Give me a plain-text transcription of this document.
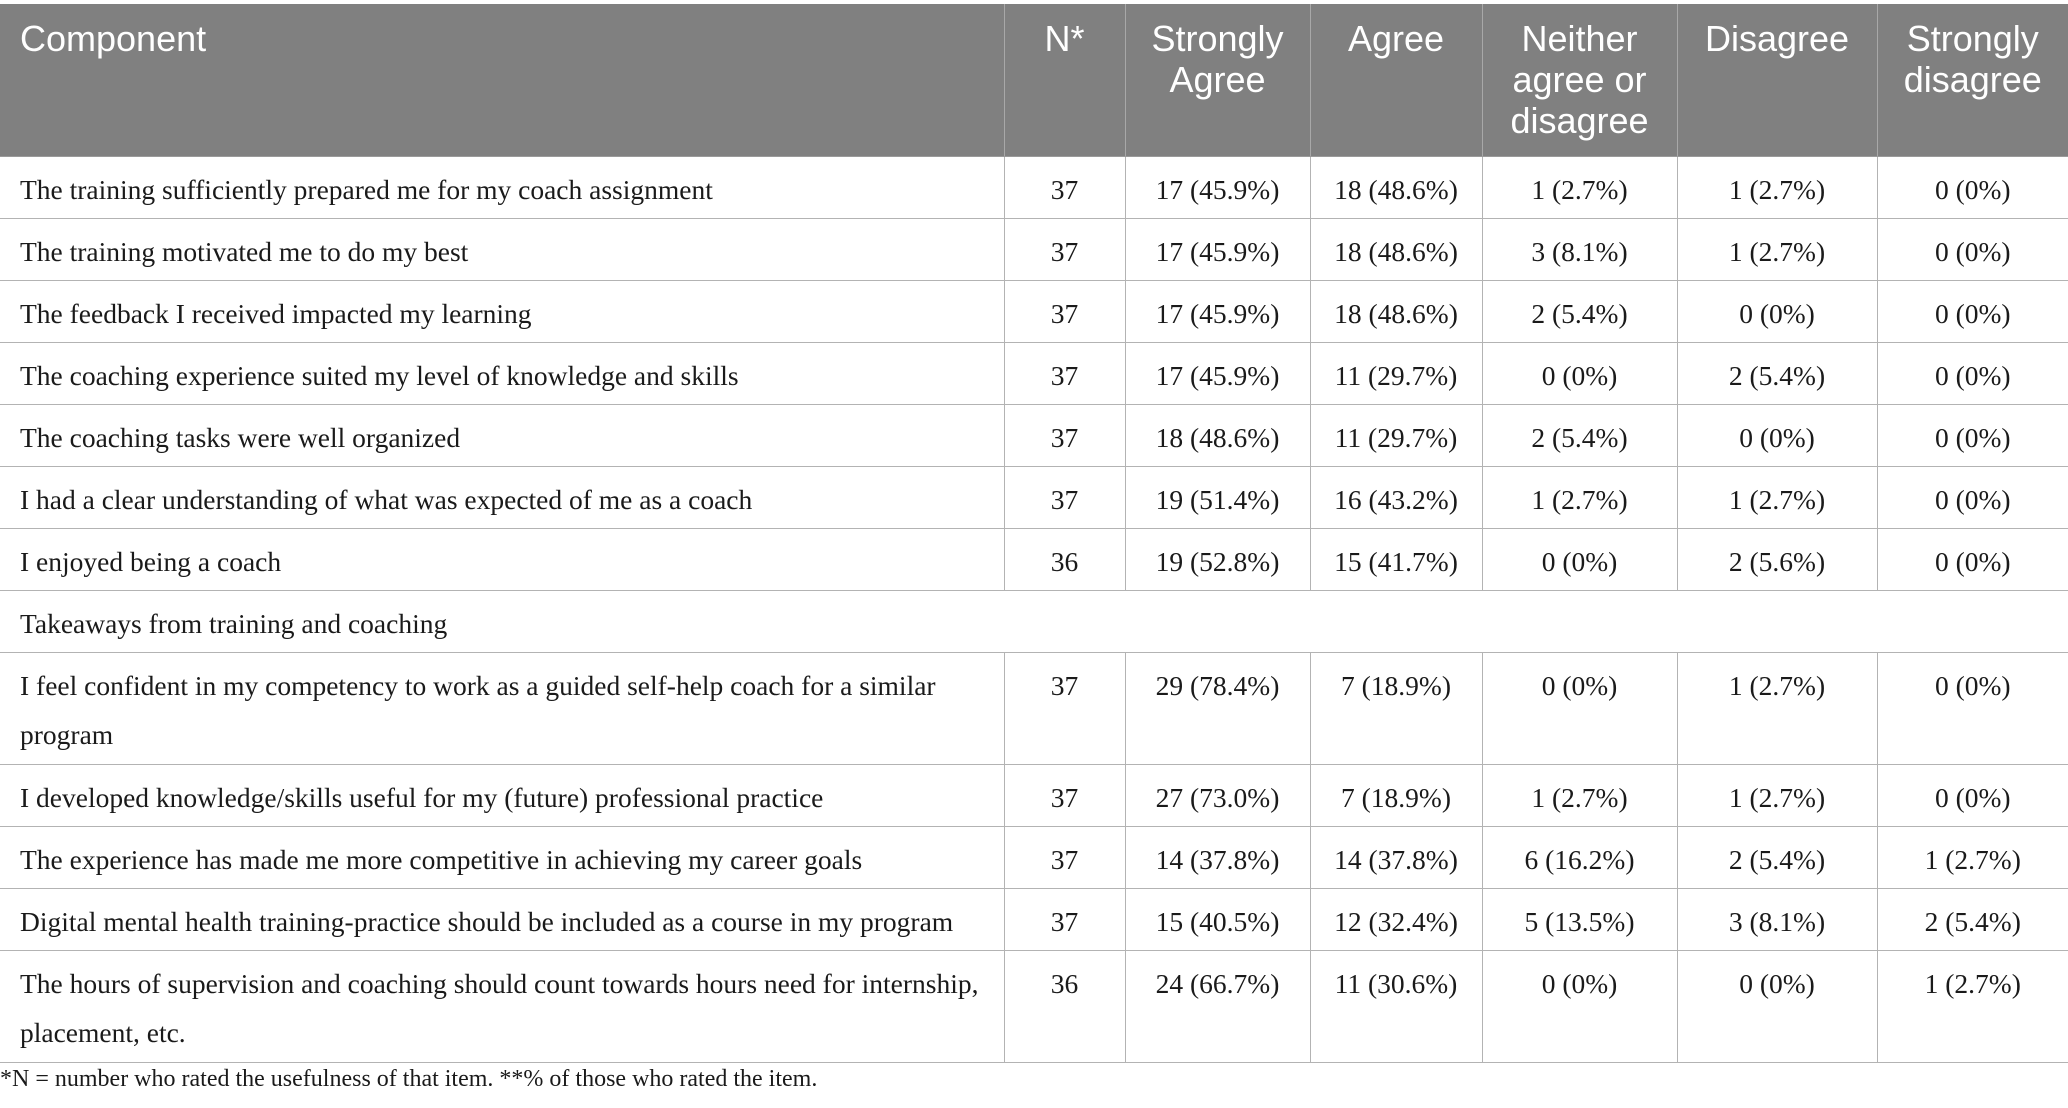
Component	N*	Strongly Agree	Agree	Neither agree or disagree	Disagree	Strongly disagree
The training sufficiently prepared me for my coach assignment	37	17 (45.9%)	18 (48.6%)	1 (2.7%)	1 (2.7%)	0 (0%)
The training motivated me to do my best	37	17 (45.9%)	18 (48.6%)	3 (8.1%)	1 (2.7%)	0 (0%)
The feedback I received impacted my learning	37	17 (45.9%)	18 (48.6%)	2 (5.4%)	0 (0%)	0 (0%)
The coaching experience suited my level of knowledge and skills	37	17 (45.9%)	11 (29.7%)	0 (0%)	2 (5.4%)	0 (0%)
The coaching tasks were well organized	37	18 (48.6%)	11 (29.7%)	2 (5.4%)	0 (0%)	0 (0%)
I had a clear understanding of what was expected of me as a coach	37	19 (51.4%)	16 (43.2%)	1 (2.7%)	1 (2.7%)	0 (0%)
I enjoyed being a coach	36	19 (52.8%)	15 (41.7%)	0 (0%)	2 (5.6%)	0 (0%)
Takeaways from training and coaching						
I feel confident in my competency to work as a guided self-help coach for a similar program	37	29 (78.4%)	7 (18.9%)	0 (0%)	1 (2.7%)	0 (0%)
I developed knowledge/skills useful for my (future) professional practice	37	27 (73.0%)	7 (18.9%)	1 (2.7%)	1 (2.7%)	0 (0%)
The experience has made me more competitive in achieving my career goals	37	14 (37.8%)	14 (37.8%)	6 (16.2%)	2 (5.4%)	1 (2.7%)
Digital mental health training-practice should be included as a course in my program	37	15 (40.5%)	12 (32.4%)	5 (13.5%)	3 (8.1%)	2 (5.4%)
The hours of supervision and coaching should count towards hours need for internship, placement, etc.	36	24 (66.7%)	11 (30.6%)	0 (0%)	0 (0%)	1 (2.7%)
*N = number who rated the usefulness of that item. **% of those who rated the item.
